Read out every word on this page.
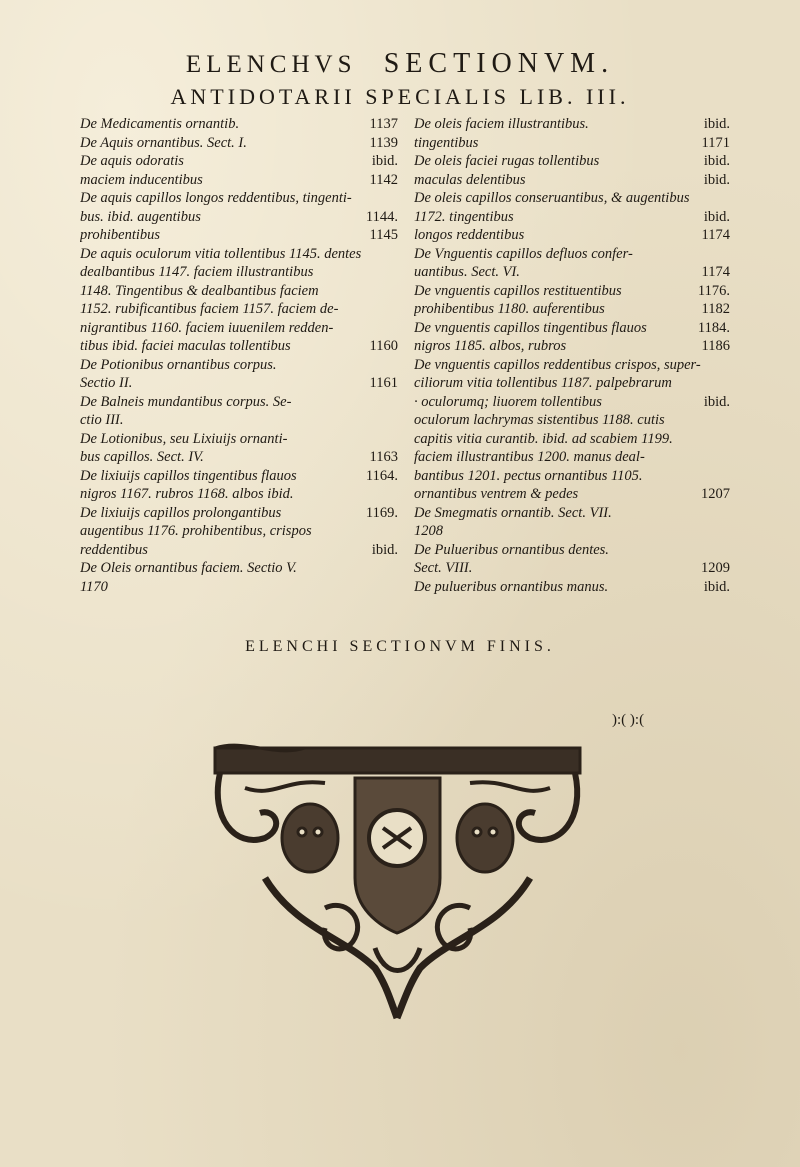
ELENCHVS SECTIONVM.
ANTIDOTARII SPECIALIS LIB. III.
De Medicamentis ornantib.	1137
De Aquis ornantibus. Sect. I.	1139
De aquis odoratis	ibid.
maciem inducentibus	1142
De aquis capillos longos reddentibus, tingenti-
bus. ibid. augentibus	1144.
prohibentibus	1145
De aquis oculorum vitia tollentibus 1145. dentes
dealbantibus 1147. faciem illustrantibus
1148. Tingentibus & dealbantibus faciem
1152. rubificantibus faciem 1157. faciem de-
nigrantibus 1160. faciem iuuenilem redden-
tibus ibid. faciei maculas tollentibus	1160
De Potionibus ornantibus corpus.
Sectio II.	1161
De Balneis mundantibus corpus. Se-
ctio III.
De Lotionibus, seu Lixiuijs ornanti-
bus capillos. Sect. IV.	1163
De lixiuijs capillos tingentibus flauos	1164.
nigros 1167. rubros 1168. albos ibid.
De lixiuijs capillos prolongantibus	1169.
augentibus 1176. prohibentibus, crispos
reddentibus	ibid.
De Oleis ornantibus faciem. Sectio V.
1170
De oleis faciem illustrantibus.	ibid.
tingentibus	1171
De oleis faciei rugas tollentibus	ibid.
maculas delentibus	ibid.
De oleis capillos conseruantibus, & augentibus
1172. tingentibus	ibid.
longos reddentibus	1174
De Vnguentis capillos defluos confer-
uantibus. Sect. VI.	1174
De vnguentis capillos restituentibus	1176.
prohibentibus 1180. auferentibus	1182
De vnguentis capillos tingentibus flauos	1184.
nigros 1185. albos, rubros	1186
De vnguentis capillos reddentibus crispos, super-
ciliorum vitia tollentibus 1187. palpebrarum
· oculorumq; liuorem tollentibus	ibid.
oculorum lachrymas sistentibus 1188. cutis
capitis vitia curantib. ibid. ad scabiem 1199.
faciem illustrantibus 1200. manus deal-
bantibus 1201. pectus ornantibus 1105.
ornantibus ventrem & pedes	1207
De Smegmatis ornantib. Sect. VII.
1208
De Pulueribus ornantibus dentes.
Sect. VIII.	1209
De pulueribus ornantibus manus.	ibid.
ELENCHI SECTIONVM FINIS.
):( ):(
